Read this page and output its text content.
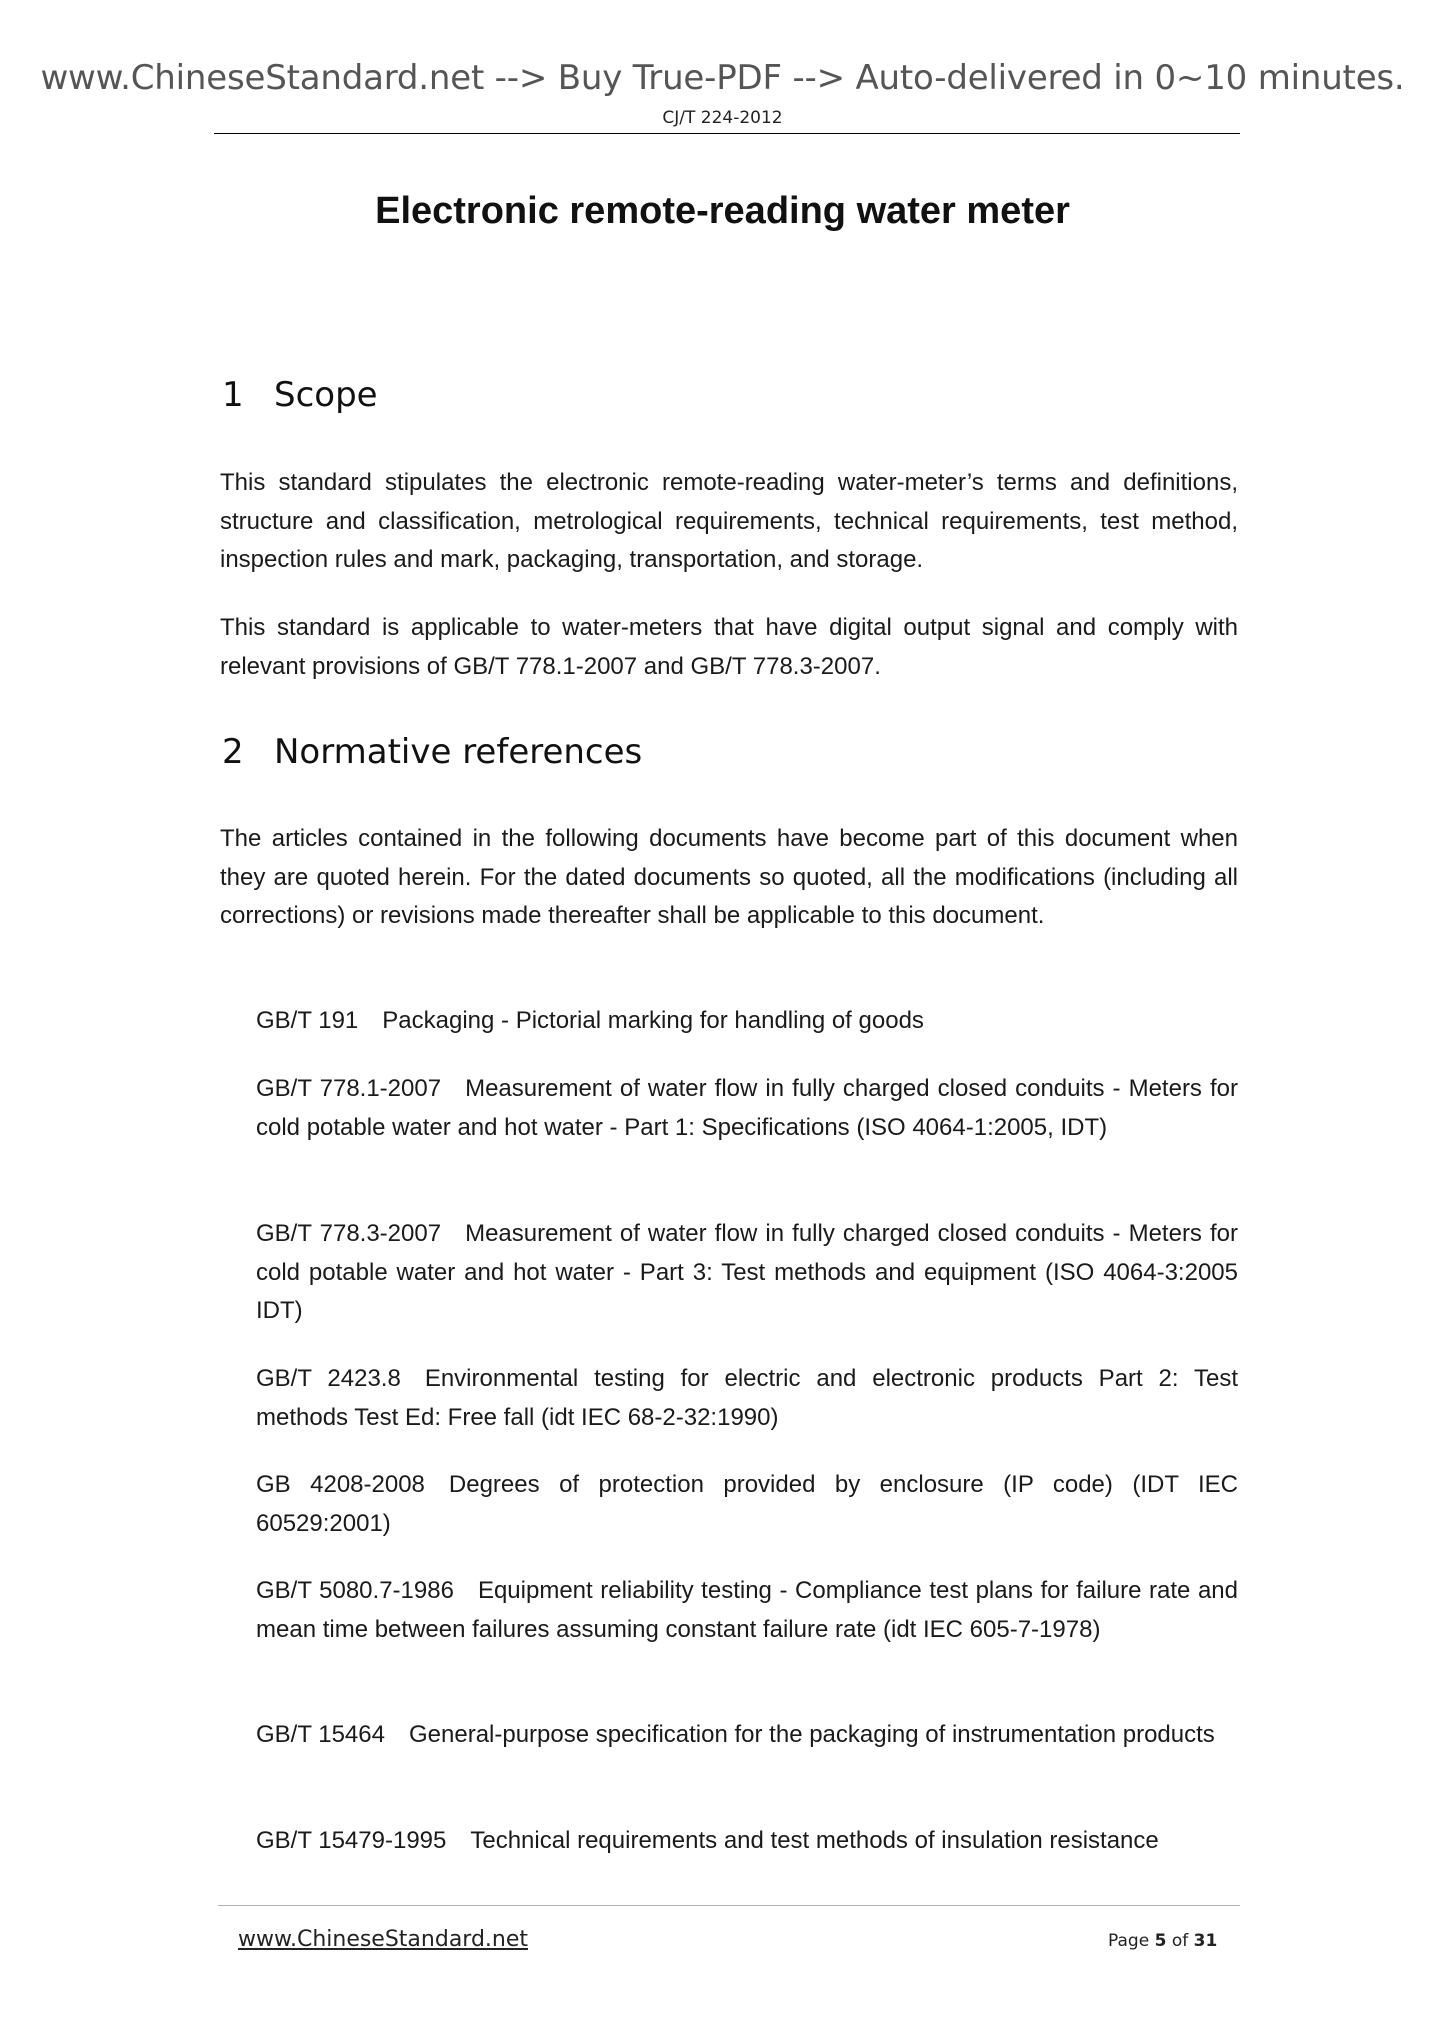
www.ChineseStandard.net --> Buy True-PDF --> Auto-delivered in 0~10 minutes.
CJ/T 224-2012
Electronic remote-reading water meter
1 Scope

This standard stipulates the electronic remote-reading water-meter’s terms and definitions, structure and classification, metrological requirements, technical requirements, test method, inspection rules and mark, packaging, transportation, and storage.

This standard is applicable to water-meters that have digital output signal and comply with relevant provisions of GB/T 778.1-2007 and GB/T 778.3-2007.

2 Normative references

The articles contained in the following documents have become part of this document when they are quoted herein. For the dated documents so quoted, all the modifications (including all corrections) or revisions made thereafter shall be applicable to this document.

GB/T 191 Packaging - Pictorial marking for handling of goods
GB/T 778.1-2007 Measurement of water flow in fully charged closed conduits - Meters for cold potable water and hot water - Part 1: Specifications (ISO 4064-1:2005, IDT)
GB/T 778.3-2007 Measurement of water flow in fully charged closed conduits - Meters for cold potable water and hot water - Part 3: Test methods and equipment (ISO 4064-3:2005 IDT)
GB/T 2423.8 Environmental testing for electric and electronic products Part 2: Test methods Test Ed: Free fall (idt IEC 68-2-32:1990)
GB 4208-2008 Degrees of protection provided by enclosure (IP code) (IDT IEC 60529:2001)
GB/T 5080.7-1986 Equipment reliability testing - Compliance test plans for failure rate and mean time between failures assuming constant failure rate (idt IEC 605-7-1978)
GB/T 15464 General-purpose specification for the packaging of instrumentation products
GB/T 15479-1995 Technical requirements and test methods of insulation resistance
www.ChineseStandard.net	Page 5 of 31
